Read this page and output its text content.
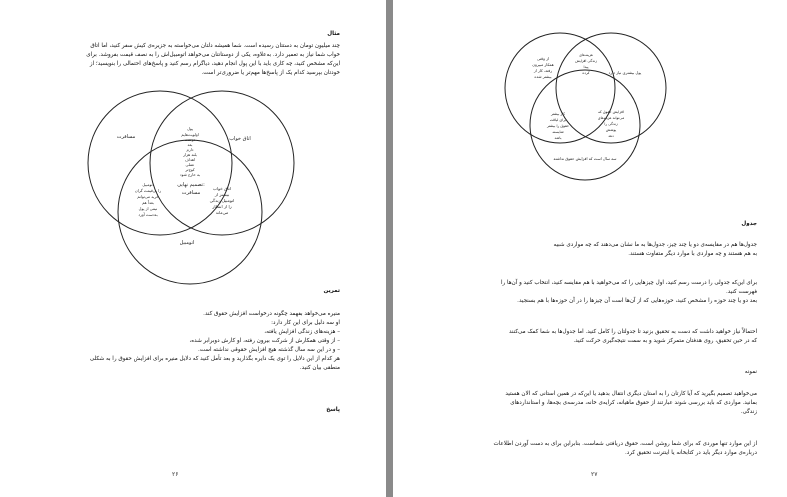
مثال
چند میلیون تومان به دستتان رسیده است. شما همیشه دلتان می‌خواسته به جزیره‌ی کیش سفر کنید، اما اتاق
خواب شما نیاز به تعمیر دارد. به‌علاوه، یکی از دوستانتان می‌خواهد اتومبیل‌اش را به نصف قیمت بفروشد. برای
این‌که مشخص کنید، چه کاری باید با این پول انجام دهید، دیاگرام رسم کنید و پاسخ‌های احتمالی را بنویسید؛ از
خودتان بپرسید کدام یک از پاسخ‌ها مهم‌تر یا ضروری‌تر است.
مسافرت	اتاق خواب
اتومبیل
پول
اولویت‌هایم
دوست
بعد
دارم
بلند هزار
اهداف
عملی
کوچ‌تر
به خارج شود
تصمیم نهایی:
مسافرت
اتاق خواب
بیشتر از
اتومبیل زندگی
را از انتظار
می‌ماند
اتومبیل
را بی‌قیمت گران
خرید می‌توانم
بعداً هم
نیمی از پول
به‌دست آورد
تمرین
منیره می‌خواهد بفهمد چگونه درخواست افزایش حقوق کند.
او سه دلیل برای این کار دارد:
– هزینه‌های زندگی افزایش یافته،
– از وقتی همکارش از شرکت بیرون رفته، او کارش دوبرابر شده،
– و در این سه سال گذشته هیچ افزایش حقوقی نداشته است.
هر کدام از این دلایل را توی یک دایره بگذارید و بعد تأمل کنید که دلایل منیره برای افزایش حقوق را به شکلی
منطقی بیان کنید.
پاسخ
۲۶
از وقتی
همکار مبیرون
رفته، کار از
بیشتر شده
هزینه‌های
زندگی افزایش
پیدا
کرده	پول بیشتری نیاز دارد
کار بیشتر
برای لیاقت
حقوق را بیشتر
شایسته
باشد
افزایش حقوق که
می‌تواند هزینه‌های
زندگی را
پوشش
دهد
سه سال است که افزایش حقوق نداشته
جدول
جدول‌ها هم در مقایسه‌ی دو یا چند چیز، جدول‌ها به ما نشان می‌دهند که چه مواردی شبیه
به هم هستند و چه مواردی با موارد دیگر متفاوت هستند.
برای این‌که جدولی را درست رسم کنید، اول چیزهایی را که می‌خواهید با هم مقایسه کنید، انتخاب کنید و آن‌ها را
فهرست کنید.
بعد دو یا چند حوزه را مشخص کنید، حوزه‌هایی که از آن‌ها است آن چیزها را در آن حوزه‌ها با هم بسنجید.
احتمالاً نیاز خواهید داشت که دست به تحقیق بزنید تا جدولتان را کامل کنید. اما جدول‌ها به شما کمک می‌کنند
که در حین تحقیق، روی هدفتان متمرکز شوید و به سمت نتیجه‌گیری حرکت کنید.
نمونه
می‌خواهید تصمیم بگیرید که آیا کارتان را به استان دیگری انتقال بدهید یا این‌که در همین استانی که الان هستید
بمانید. مواردی که باید بررسی شوند عبارتند از حقوق ماهیانه، کرایه‌ی خانه، مدرسه‌ی بچه‌ها، و استانداردهای
زندگی.
از این موارد تنها موردی که برای شما روشن است، حقوق دریافتی شماست. بنابراین برای به دست آوردن اطلاعات
درباره‌ی موارد دیگر باید در کتابخانه یا اینترنت تحقیق کرد.
۲۷
